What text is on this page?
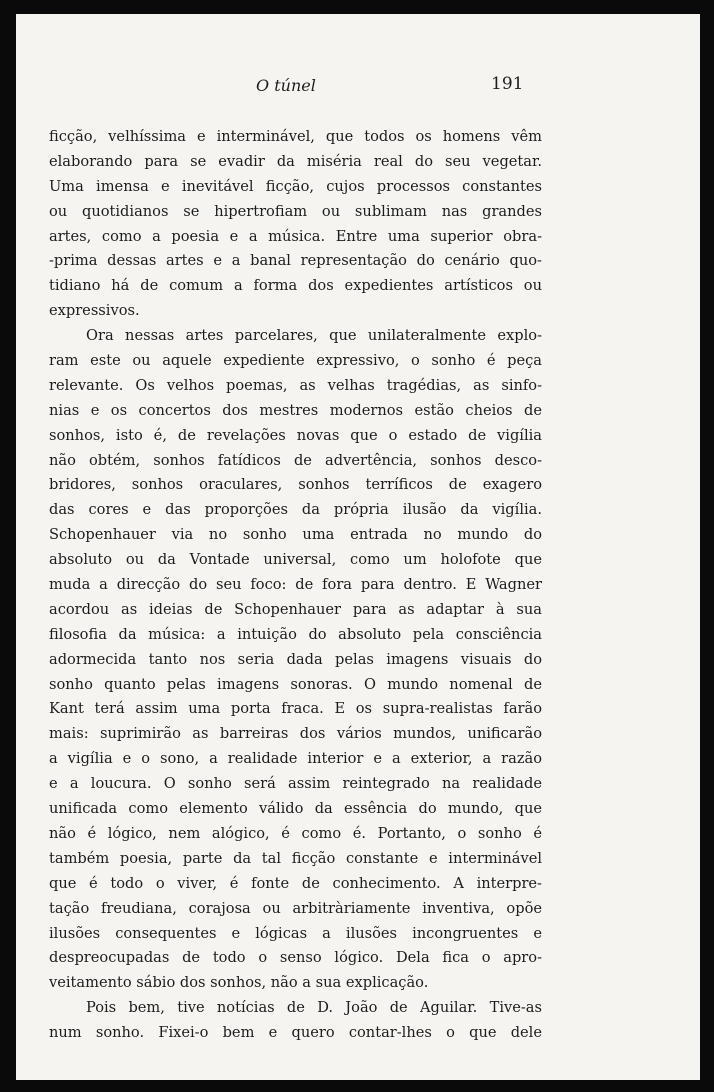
O túnel	191
ficção, velhíssima e interminável, que todos os homens vêm
elaborando para se evadir da miséria real do seu vegetar.
Uma imensa e inevitável ficção, cujos processos constantes
ou quotidianos se hipertrofiam ou sublimam nas grandes
artes, como a poesia e a música. Entre uma superior obra-
-prima dessas artes e a banal representação do cenário quo-
tidiano há de comum a forma dos expedientes artísticos ou
expressivos.
Ora nessas artes parcelares, que unilateralmente explo-
ram este ou aquele expediente expressivo, o sonho é peça
relevante. Os velhos poemas, as velhas tragédias, as sinfo-
nias e os concertos dos mestres modernos estão cheios de
sonhos, isto é, de revelações novas que o estado de vigília
não obtém, sonhos fatídicos de advertência, sonhos desco-
bridores, sonhos oraculares, sonhos terríficos de exagero
das cores e das proporções da própria ilusão da vigília.
Schopenhauer via no sonho uma entrada no mundo do
absoluto ou da Vontade universal, como um holofote que
muda a direcção do seu foco: de fora para dentro. E Wagner
acordou as ideias de Schopenhauer para as adaptar à sua
filosofia da música: a intuição do absoluto pela consciência
adormecida tanto nos seria dada pelas imagens visuais do
sonho quanto pelas imagens sonoras. O mundo nomenal de
Kant terá assim uma porta fraca. E os supra-realistas farão
mais: suprimirão as barreiras dos vários mundos, unificarão
a vigília e o sono, a realidade interior e a exterior, a razão
e a loucura. O sonho será assim reintegrado na realidade
unificada como elemento válido da essência do mundo, que
não é lógico, nem alógico, é como é. Portanto, o sonho é
também poesia, parte da tal ficção constante e interminável
que é todo o viver, é fonte de conhecimento. A interpre-
tação freudiana, corajosa ou arbitràriamente inventiva, opõe
ilusões consequentes e lógicas a ilusões incongruentes e
despreocupadas de todo o senso lógico. Dela fica o apro-
veitamento sábio dos sonhos, não a sua explicação.
Pois bem, tive notícias de D. João de Aguilar. Tive-as
num sonho. Fixei-o bem e quero contar-lhes o que dele
